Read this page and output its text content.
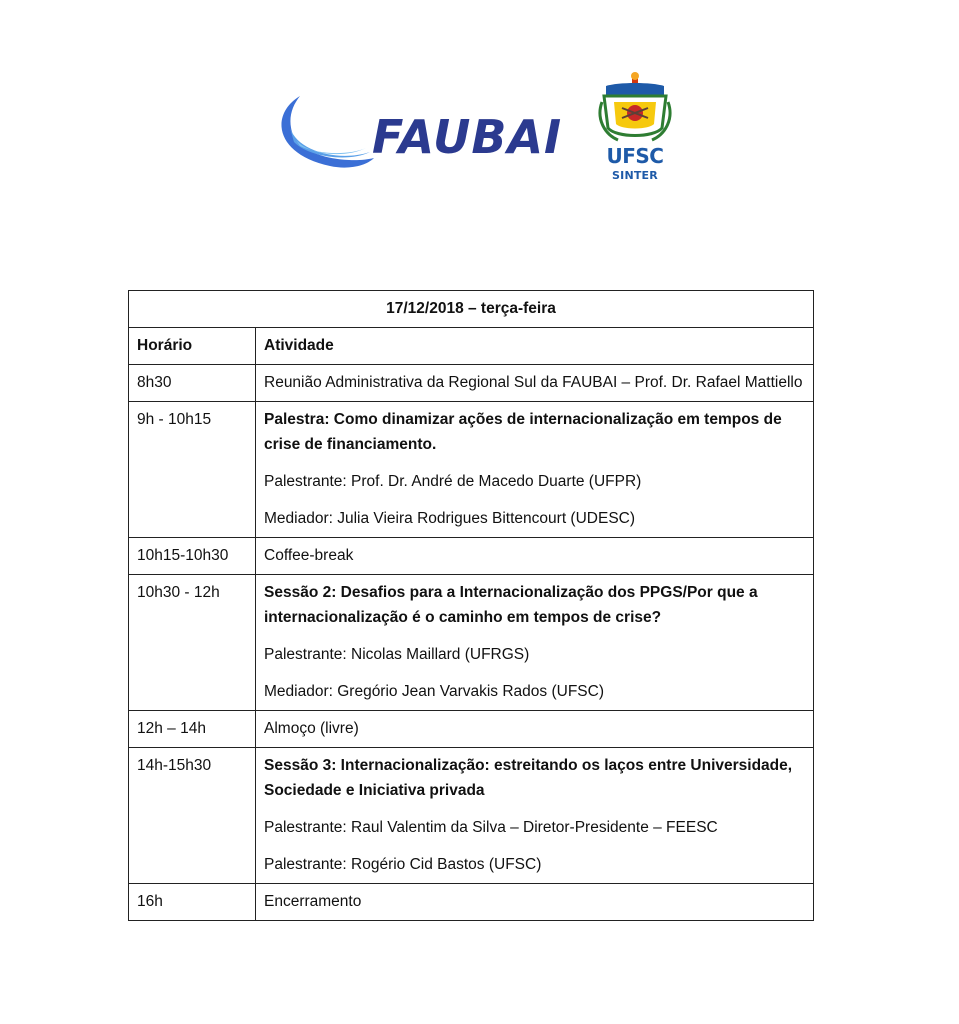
FAUBAI	UFSC
SINTER
17/12/2018 – terça-feira	
Horário	Atividade
8h30	Reunião Administrativa da Regional Sul da FAUBAI – Prof. Dr. Rafael Mattiello

9h - 10h15	Palestra: Como dinamizar ações de internacionalização em tempos de crise de financiamento.
Palestrante: Prof. Dr. André de Macedo Duarte (UFPR)
Mediador: Julia Vieira Rodrigues Bittencourt (UDESC)

10h15-10h30	Coffee-break

10h30 - 12h	Sessão 2: Desafios para a Internacionalização dos PPGS/Por que a internacionalização é o caminho em tempos de crise?
Palestrante: Nicolas Maillard (UFRGS)
Mediador: Gregório Jean Varvakis Rados (UFSC)

12h – 14h	Almoço (livre)

14h-15h30	Sessão 3: Internacionalização: estreitando os laços entre Universidade, Sociedade e Iniciativa privada
Palestrante: Raul Valentim da Silva – Diretor-Presidente – FEESC
Palestrante: Rogério Cid Bastos (UFSC)

16h	Encerramento
